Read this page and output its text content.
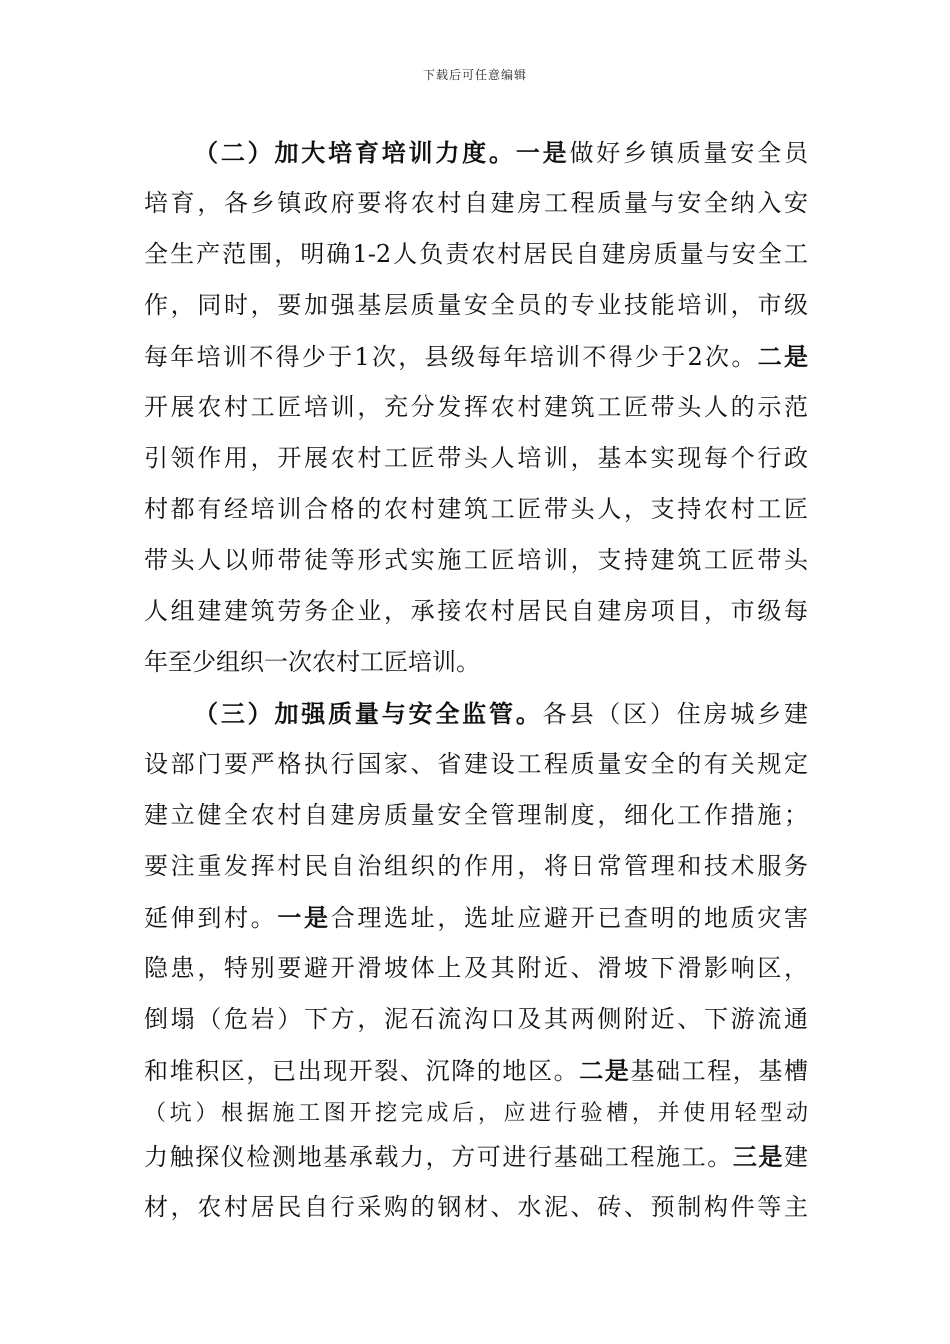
下载后可任意编辑
（二）加大培育培训力度。一是做好乡镇质量安全员
培育，各乡镇政府要将农村自建房工程质量与安全纳入安
全生产范围，明确1-2人负责农村居民自建房质量与安全工
作，同时，要加强基层质量安全员的专业技能培训，市级
每年培训不得少于1次，县级每年培训不得少于2次。二是
开展农村工匠培训，充分发挥农村建筑工匠带头人的示范
引领作用，开展农村工匠带头人培训，基本实现每个行政
村都有经培训合格的农村建筑工匠带头人，支持农村工匠
带头人以师带徒等形式实施工匠培训，支持建筑工匠带头
人组建建筑劳务企业，承接农村居民自建房项目，市级每
年至少组织一次农村工匠培训。
（三）加强质量与安全监管。各县（区）住房城乡建
设部门要严格执行国家、省建设工程质量安全的有关规定
建立健全农村自建房质量安全管理制度，细化工作措施；
要注重发挥村民自治组织的作用，将日常管理和技术服务
延伸到村。一是合理选址，选址应避开已查明的地质灾害
隐患，特别要避开滑坡体上及其附近、滑坡下滑影响区，
倒塌（危岩）下方，泥石流沟口及其两侧附近、下游流通
和堆积区，已出现开裂、沉降的地区。二是基础工程，基槽
（坑）根据施工图开挖完成后，应进行验槽，并使用轻型动
力触探仪检测地基承载力，方可进行基础工程施工。三是建
材，农村居民自行采购的钢材、水泥、砖、预制构件等主
